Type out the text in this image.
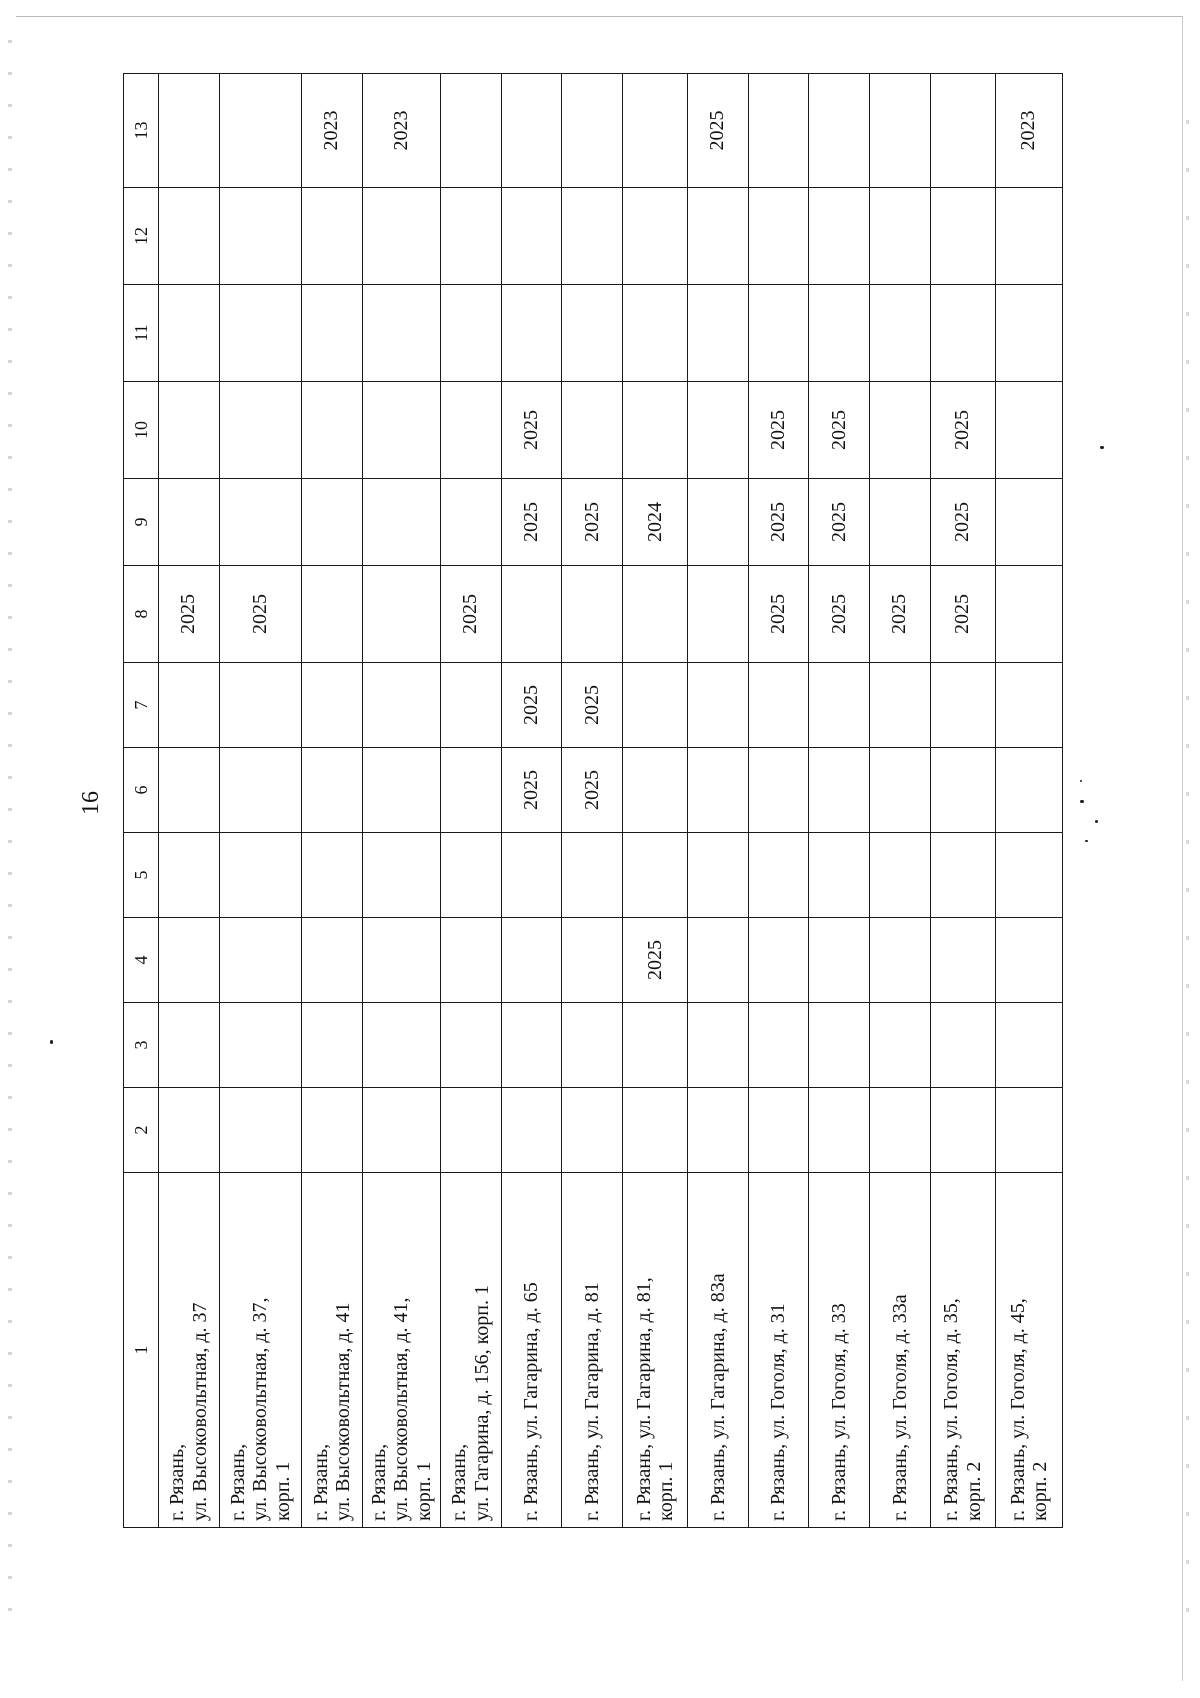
16
1	2	3	4	5	6	7	8	9	10	11	12	13
г. Рязань,
ул. Высоковольтная, д. 37							2025					
г. Рязань,
ул. Высоковольтная, д. 37,
корп. 1							2025					
г. Рязань,
ул. Высоковольтная, д. 41												2023
г. Рязань,
ул. Высоковольтная, д. 41,
корп. 1												2023
г. Рязань,
ул. Гагарина, д. 156, корп. 1							2025					
г. Рязань, ул. Гагарина, д. 65					2025	2025		2025	2025			
г. Рязань, ул. Гагарина, д. 81					2025	2025		2025				
г. Рязань, ул. Гагарина, д. 81,
корп. 1			2025					2024				
г. Рязань, ул. Гагарина, д. 83а												2025
г. Рязань, ул. Гоголя, д. 31							2025	2025	2025			
г. Рязань, ул. Гоголя, д. 33							2025	2025	2025			
г. Рязань, ул. Гоголя, д. 33а							2025					
г. Рязань, ул. Гоголя, д. 35,
корп. 2							2025	2025	2025			
г. Рязань, ул. Гоголя, д. 45,
корп. 2												2023
